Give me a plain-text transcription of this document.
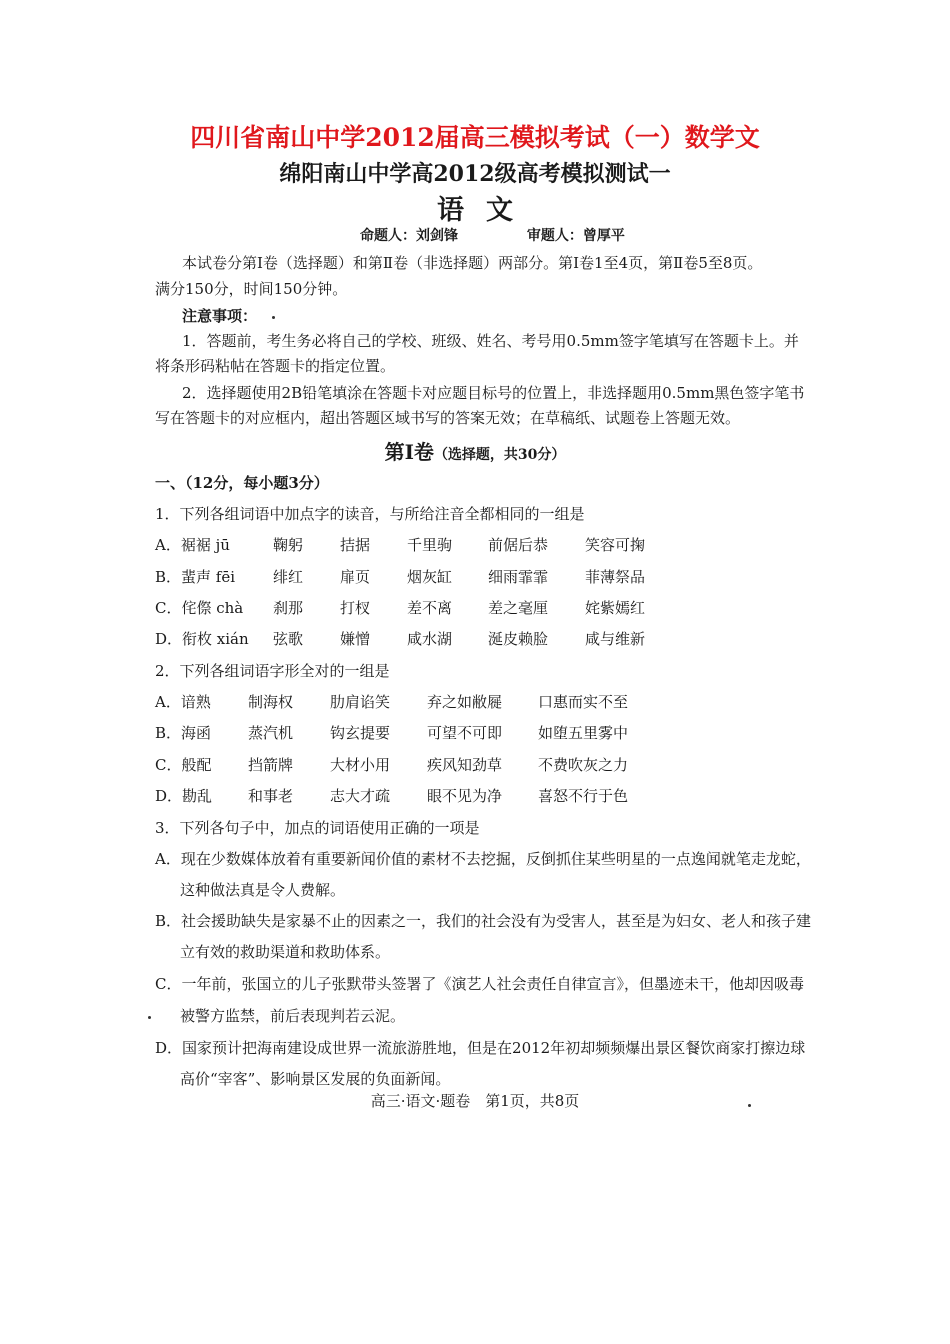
四川省南山中学2012届高三模拟考试（一）数学文
绵阳南山中学高2012级高考模拟测试一
语文
命题人：刘剑锋	审题人：曾厚平
本试卷分第Ⅰ卷（选择题）和第Ⅱ卷（非选择题）两部分。第Ⅰ卷1至4页，第Ⅱ卷5至8页。
满分150分，时间150分钟。
注意事项：
1．答题前，考生务必将自己的学校、班级、姓名、考号用0.5mm签字笔填写在答题卡上。并
将条形码粘帖在答题卡的指定位置。
2．选择题使用2B铅笔填涂在答题卡对应题目标号的位置上，非选择题用0.5mm黑色签字笔书
写在答题卡的对应框内，超出答题区域书写的答案无效；在草稿纸、试题卷上答题无效。
第Ⅰ卷（选择题，共30分）
一、（12分，每小题3分）
1．下列各组词语中加点字的读音，与所给注音全都相同的一组是
A．裾裾 jū	鞠躬 拮据 千里驹 前倨后恭 笑容可掬
B．蜚声 fēi	绯红 扉页 烟灰缸 细雨霏霏 菲薄祭品
C．侘傺 chà 刹那 打杈 差不离 差之毫厘 姹紫嫣红
D．衔枚 xián 弦歌 嫌憎 咸水湖 涎皮赖脸 咸与维新
2．下列各组词语字形全对的一组是
A．谙熟 制海权 肋肩谄笑 弃之如敝屣 口惠而实不至
B．海函 蒸汽机 钩玄提要 可望不可即 如堕五里雾中
C．般配 挡箭牌 大材小用 疾风知劲草 不费吹灰之力
D．勘乱 和事老 志大才疏 眼不见为净 喜怒不行于色
3．下列各句子中，加点的词语使用正确的一项是
A．现在少数媒体放着有重要新闻价值的素材不去挖掘，反倒抓住某些明星的一点逸闻就笔走龙蛇，
这种做法真是令人费解。
B．社会援助缺失是家暴不止的因素之一，我们的社会没有为受害人，甚至是为妇女、老人和孩子建
立有效的救助渠道和救助体系。
C．一年前，张国立的儿子张默带头签署了《演艺人社会责任自律宣言》，但墨迹未干，他却因吸毒
被警方监禁，前后表现判若云泥。
D．国家预计把海南建设成世界一流旅游胜地，但是在2012年初却频频爆出景区餐饮商家打擦边球
高价“宰客”、影响景区发展的负面新闻。
高三·语文·题卷　第1页，共8页
